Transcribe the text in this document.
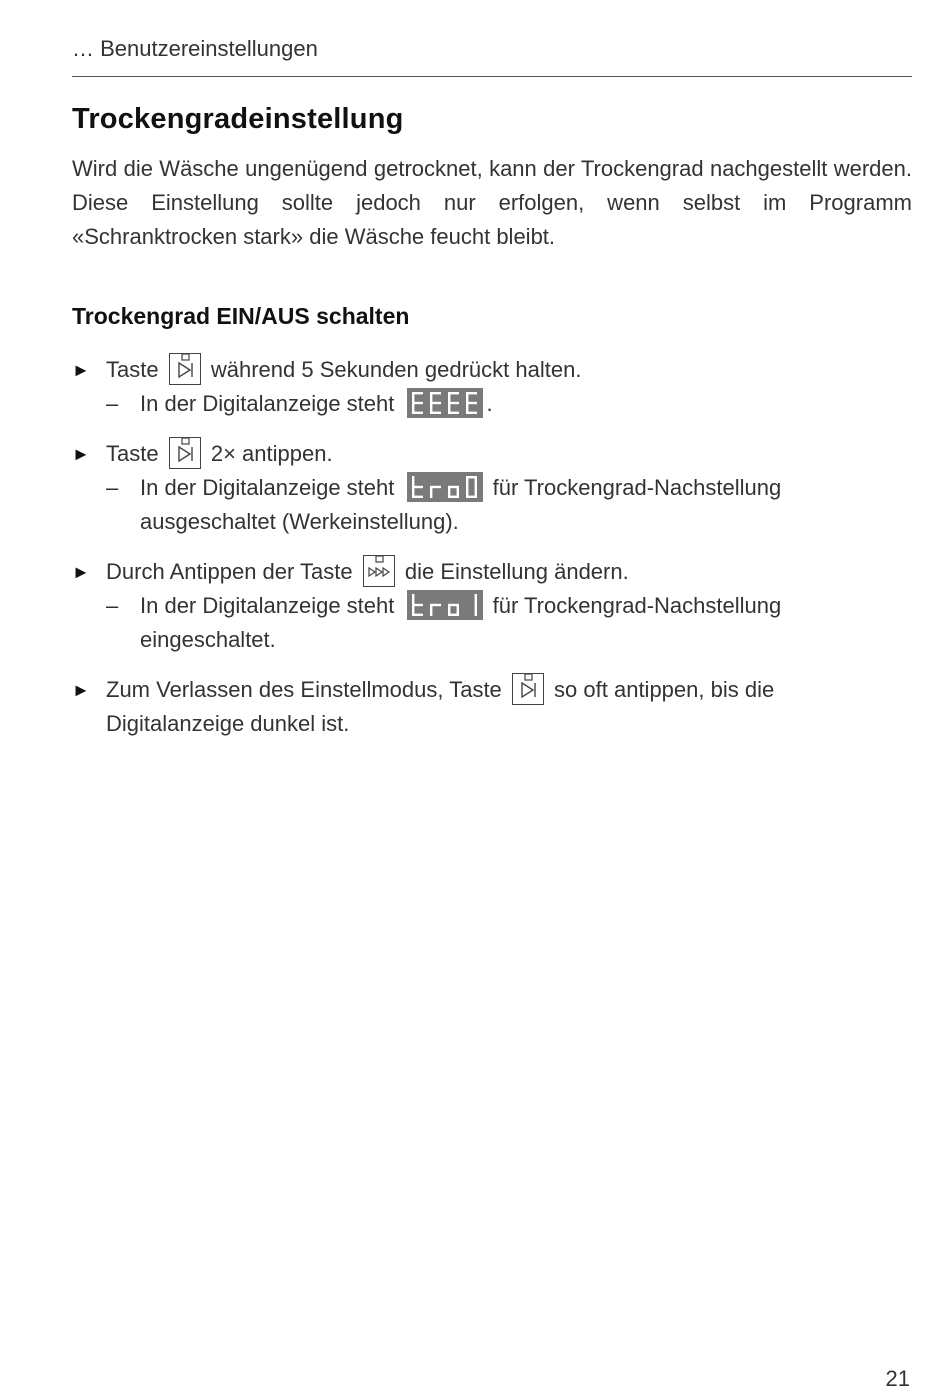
… Benutzereinstellungen
Trockengradeinstellung

Wird die Wäsche ungenügend getrocknet, kann der Trockengrad nachgestellt werden. Diese Einstellung sollte jedoch nur erfolgen, wenn selbst im Programm «Schranktrocken stark» die Wäsche feucht bleibt.

Trockengrad EIN/AUS schalten
► Taste während 5 Sekunden gedrückt halten.
– In der Digitalanzeige steht	.
► Taste 2× antippen.
– In der Digitalanzeige steht	für Trockengrad-Nachstellung ausgeschaltet (Werkeinstellung).
► Durch Antippen der Taste die Einstellung ändern.
– In der Digitalanzeige steht	für Trockengrad-Nachstellung eingeschaltet.
► Zum Verlassen des Einstellmodus, Taste so oft antippen, bis die Digitalanzeige dunkel ist.
21
